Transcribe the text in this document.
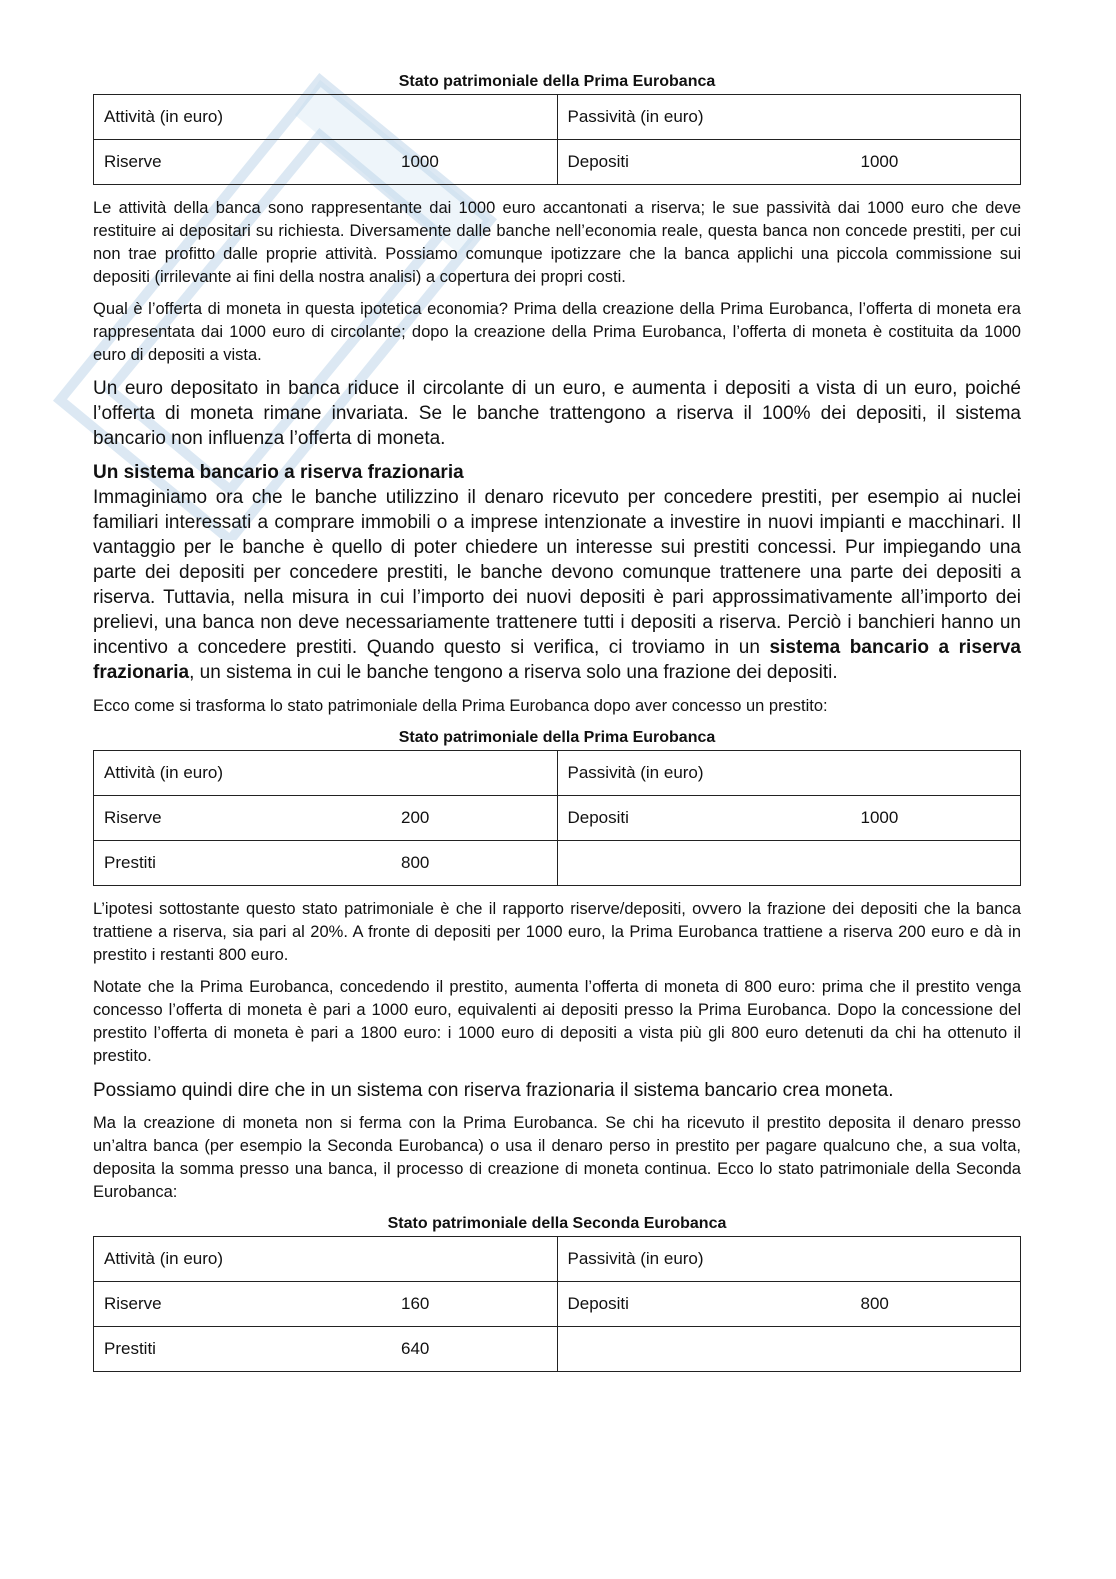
Stato patrimoniale della Prima Eurobanca
Attività (in euro)	Passività (in euro)
Riserve 1000	Depositi 1000

Le attività della banca sono rappresentante dai 1000 euro accantonati a riserva; le sue passività dai 1000 euro che deve restituire ai depositari su richiesta. Diversamente dalle banche nell’economia reale, questa banca non concede prestiti, per cui non trae profitto dalle proprie attività. Possiamo comunque ipotizzare che la banca applichi una piccola commissione sui depositi (irrilevante ai fini della nostra analisi) a copertura dei propri costi.

Qual è l’offerta di moneta in questa ipotetica economia? Prima della creazione della Prima Eurobanca, l’offerta di moneta era rappresentata dai 1000 euro di circolante; dopo la creazione della Prima Eurobanca, l’offerta di moneta è costituita da 1000 euro di depositi a vista.

Un euro depositato in banca riduce il circolante di un euro, e aumenta i depositi a vista di un euro, poiché l’offerta di moneta rimane invariata. Se le banche trattengono a riserva il 100% dei depositi, il sistema bancario non influenza l’offerta di moneta.

Un sistema bancario a riserva frazionaria

Immaginiamo ora che le banche utilizzino il denaro ricevuto per concedere prestiti, per esempio ai nuclei familiari interessati a comprare immobili o a imprese intenzionate a investire in nuovi impianti e macchinari. Il vantaggio per le banche è quello di poter chiedere un interesse sui prestiti concessi. Pur impiegando una parte dei depositi per concedere prestiti, le banche devono comunque trattenere una parte dei depositi a riserva. Tuttavia, nella misura in cui l’importo dei nuovi depositi è pari approssimativamente all’importo dei prelievi, una banca non deve necessariamente trattenere tutti i depositi a riserva. Perciò i banchieri hanno un incentivo a concedere prestiti. Quando questo si verifica, ci troviamo in un sistema bancario a riserva frazionaria, un sistema in cui le banche tengono a riserva solo una frazione dei depositi.

Ecco come si trasforma lo stato patrimoniale della Prima Eurobanca dopo aver concesso un prestito:

Stato patrimoniale della Prima Eurobanca
Attività (in euro)	Passività (in euro)
Riserve 200	Depositi 1000

Prestiti 800	

L’ipotesi sottostante questo stato patrimoniale è che il rapporto riserve/depositi, ovvero la frazione dei depositi che la banca trattiene a riserva, sia pari al 20%. A fronte di depositi per 1000 euro, la Prima Eurobanca trattiene a riserva 200 euro e dà in prestito i restanti 800 euro.

Notate che la Prima Eurobanca, concedendo il prestito, aumenta l’offerta di moneta di 800 euro: prima che il prestito venga concesso l’offerta di moneta è pari a 1000 euro, equivalenti ai depositi presso la Prima Eurobanca. Dopo la concessione del prestito l’offerta di moneta è pari a 1800 euro: i 1000 euro di depositi a vista più gli 800 euro detenuti da chi ha ottenuto il prestito.

Possiamo quindi dire che in un sistema con riserva frazionaria il sistema bancario crea moneta.

Ma la creazione di moneta non si ferma con la Prima Eurobanca. Se chi ha ricevuto il prestito deposita il denaro presso un’altra banca (per esempio la Seconda Eurobanca) o usa il denaro perso in prestito per pagare qualcuno che, a sua volta, deposita la somma presso una banca, il processo di creazione di moneta continua. Ecco lo stato patrimoniale della Seconda Eurobanca:

Stato patrimoniale della Seconda Eurobanca
Attività (in euro)	Passività (in euro)
Riserve 160	Depositi 800

Prestiti 640	
